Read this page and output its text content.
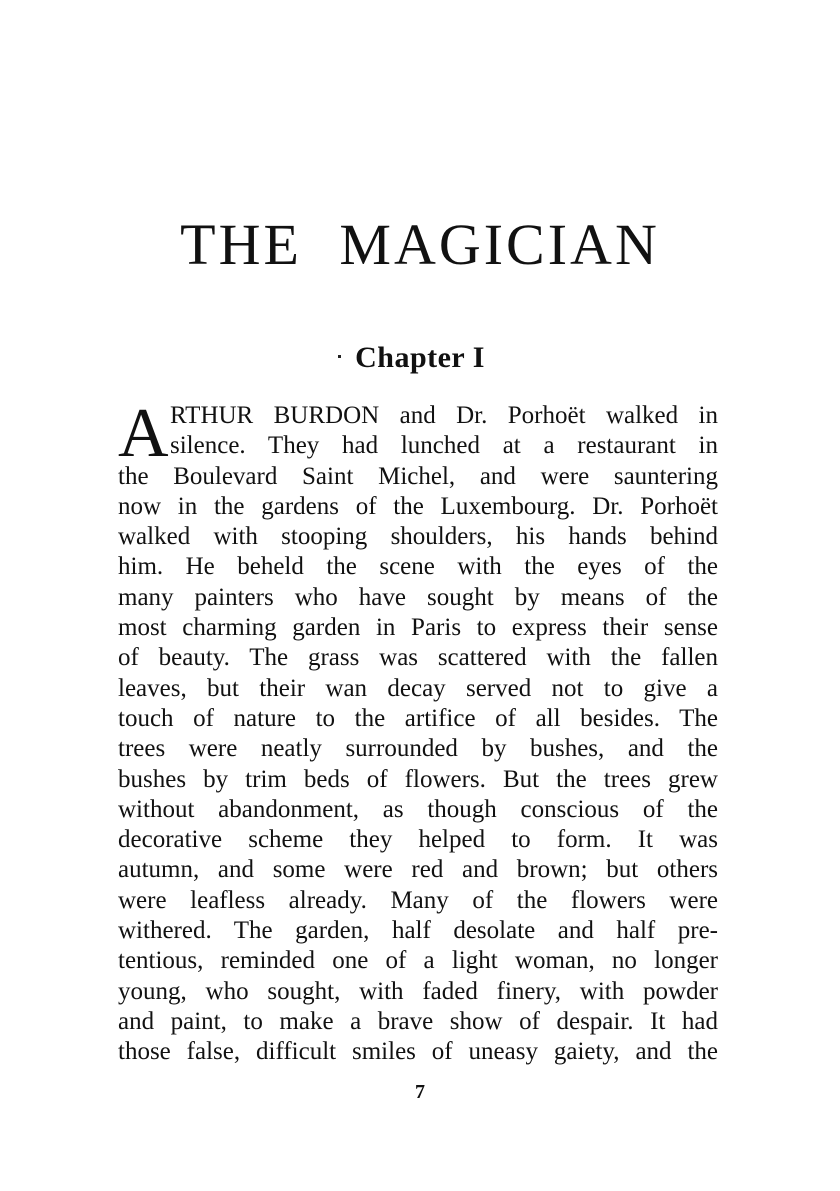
THE MAGICIAN
Chapter I
A RTHUR BURDON and Dr. Porhoët walked in
silence. They had lunched at a restaurant in
the Boulevard Saint Michel, and were sauntering
now in the gardens of the Luxembourg. Dr. Porhoët
walked with stooping shoulders, his hands behind
him. He beheld the scene with the eyes of the
many painters who have sought by means of the
most charming garden in Paris to express their sense
of beauty. The grass was scattered with the fallen
leaves, but their wan decay served not to give a
touch of nature to the artifice of all besides. The
trees were neatly surrounded by bushes, and the
bushes by trim beds of flowers. But the trees grew
without abandonment, as though conscious of the
decorative scheme they helped to form. It was
autumn, and some were red and brown; but others
were leafless already. Many of the flowers were
withered. The garden, half desolate and half pre-
tentious, reminded one of a light woman, no longer
young, who sought, with faded finery, with powder
and paint, to make a brave show of despair. It had
those false, difficult smiles of uneasy gaiety, and the
7
